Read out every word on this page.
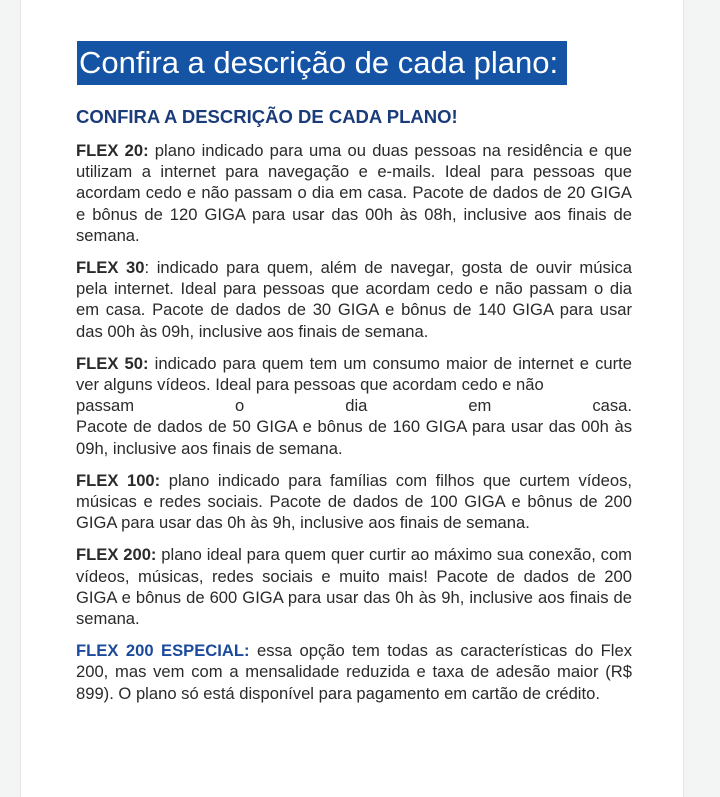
Confira a descrição de cada plano:
CONFIRA A DESCRIÇÃO DE CADA PLANO!

FLEX 20: plano indicado para uma ou duas pessoas na residência e que utilizam a internet para navegação e e-mails. Ideal para pessoas que acordam cedo e não passam o dia em casa. Pacote de dados de 20 GIGA e bônus de 120 GIGA para usar das 00h às 08h, inclusive aos finais de semana.

FLEX 30: indicado para quem, além de navegar, gosta de ouvir música pela internet. Ideal para pessoas que acordam cedo e não passam o dia em casa. Pacote de dados de 30 GIGA e bônus de 140 GIGA para usar das 00h às 09h, inclusive aos finais de semana.

FLEX 50: indicado para quem tem um consumo maior de internet e curte ver alguns vídeos. Ideal para pessoas que acordam cedo e não
passam	o	dia	em	casa.
Pacote de dados de 50 GIGA e bônus de 160 GIGA para usar das 00h às 09h, inclusive aos finais de semana.

FLEX 100: plano indicado para famílias com filhos que curtem vídeos, músicas e redes sociais. Pacote de dados de 100 GIGA e bônus de 200 GIGA para usar das 0h às 9h, inclusive aos finais de semana.

FLEX 200: plano ideal para quem quer curtir ao máximo sua conexão, com vídeos, músicas, redes sociais e muito mais! Pacote de dados de 200 GIGA e bônus de 600 GIGA para usar das 0h às 9h, inclusive aos finais de semana.

FLEX 200 ESPECIAL: essa opção tem todas as características do Flex 200, mas vem com a mensalidade reduzida e taxa de adesão maior (R$ 899). O plano só está disponível para pagamento em cartão de crédito.
